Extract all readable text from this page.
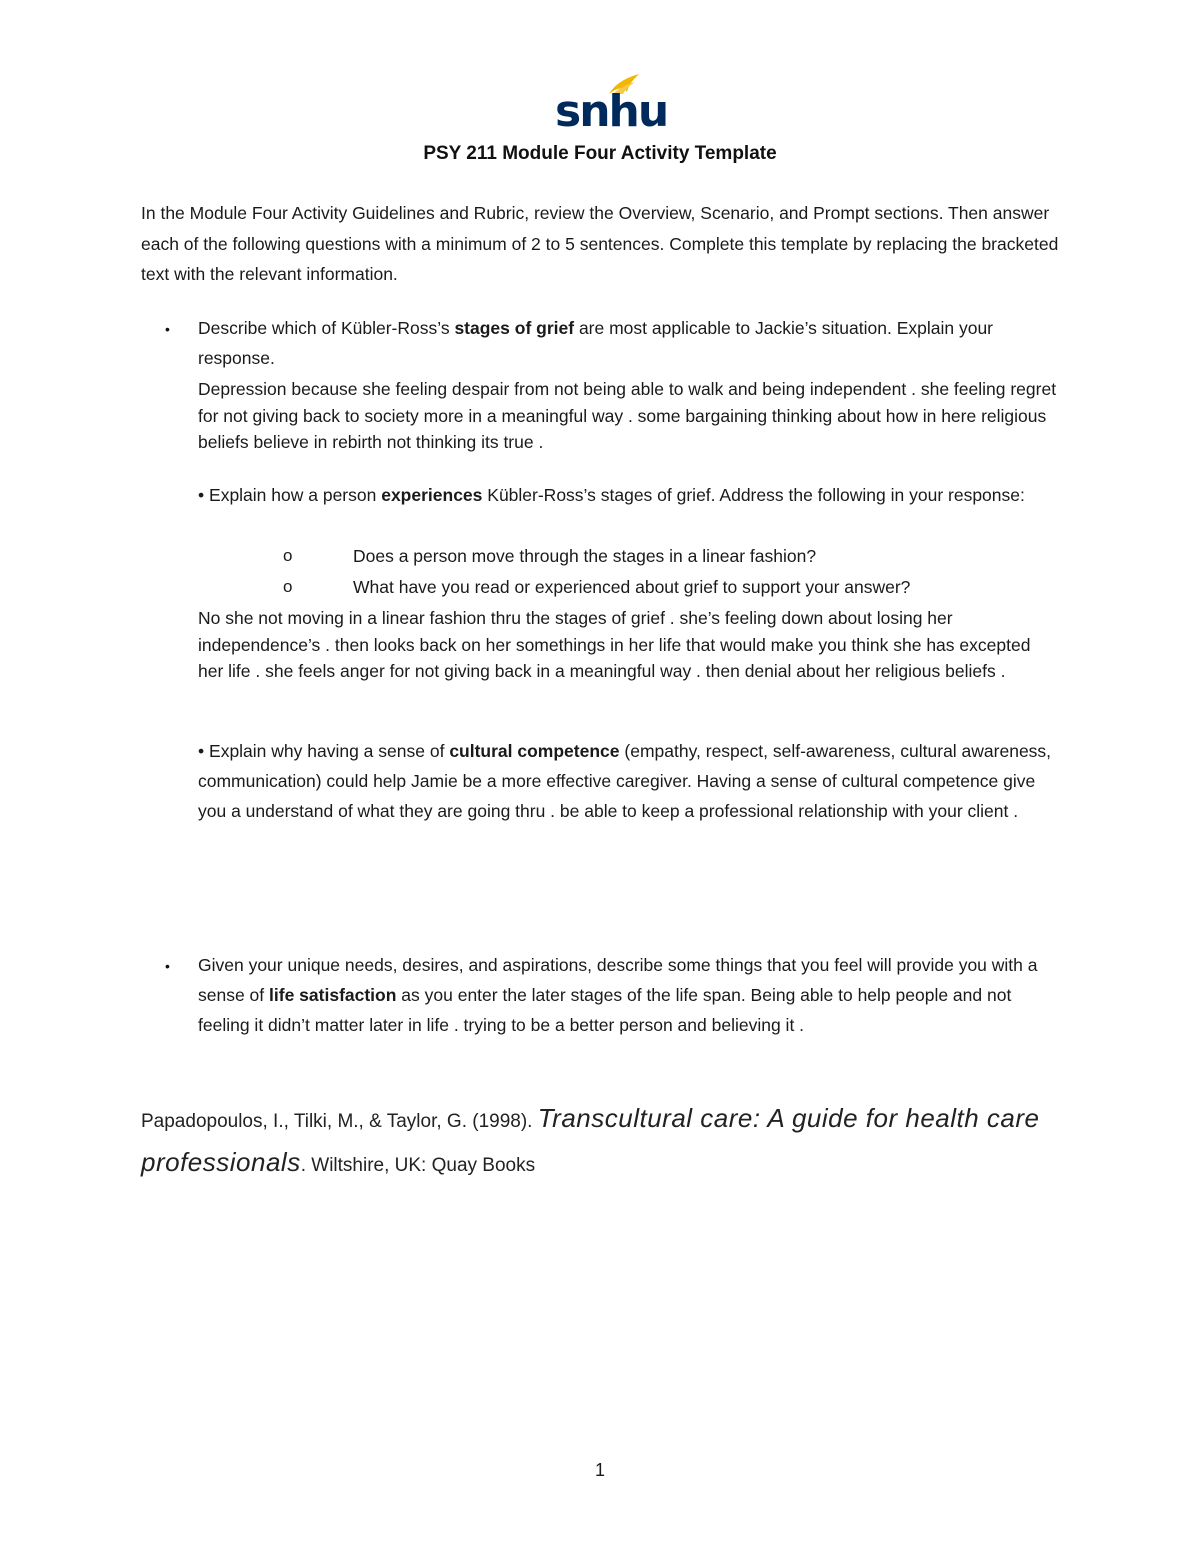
snhu
PSY 211 Module Four Activity Template

In the Module Four Activity Guidelines and Rubric, review the Overview, Scenario, and Prompt sections. Then answer each of the following questions with a minimum of 2 to 5 sentences. Complete this template by replacing the bracketed text with the relevant information.

•	Describe which of Kübler-Ross’s stages of grief are most applicable to Jackie’s situation. Explain your response.

Depression because she feeling despair from not being able to walk and being independent . she feeling regret for not giving back to society more in a meaningful way . some bargaining thinking about how in here religious beliefs believe in rebirth not thinking its true .

• Explain how a person experiences Kübler-Ross’s stages of grief. Address the following in your response:

o	Does a person move through the stages in a linear fashion?
o	What have you read or experienced about grief to support your answer?

No she not moving in a linear fashion thru the stages of grief . she’s feeling down about losing her independence’s . then looks back on her somethings in her life that would make you think she has excepted her life . she feels anger for not giving back in a meaningful way . then denial about her religious beliefs .

• Explain why having a sense of cultural competence (empathy, respect, self-awareness, cultural awareness, communication) could help Jamie be a more effective caregiver. Having a sense of cultural competence give you a understand of what they are going thru . be able to keep a professional relationship with your client .

•	Given your unique needs, desires, and aspirations, describe some things that you feel will provide you with a sense of life satisfaction as you enter the later stages of the life span. Being able to help people and not feeling it didn’t matter later in life . trying to be a better person and believing it .

Papadopoulos, I., Tilki, M., & Taylor, G. (1998). Transcultural care: A guide for health care professionals. Wiltshire, UK: Quay Books

1
